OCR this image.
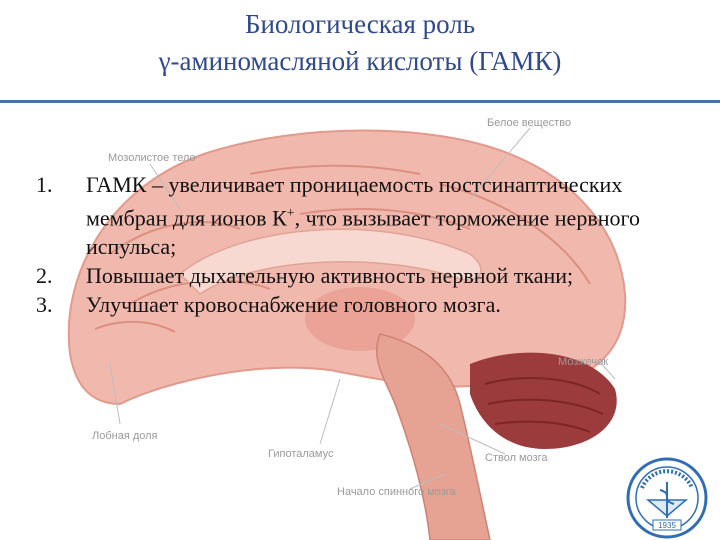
Белое вещество
Мозолистое тело
Мозжечок
Лобная доля
Гипоталамус	Ствол мозга
Начало спинного мозга
Биологическая роль
γ-аминомасляной кислоты (ГАМК)
1. ГАМК – увеличивает проницаемость постсинаптических мембран для ионов К+, что вызывает торможение нервного испульса;
2. Повышает дыхательную активность нервной ткани;
3. Улучшает кровоснабжение головного мозга.
1935
